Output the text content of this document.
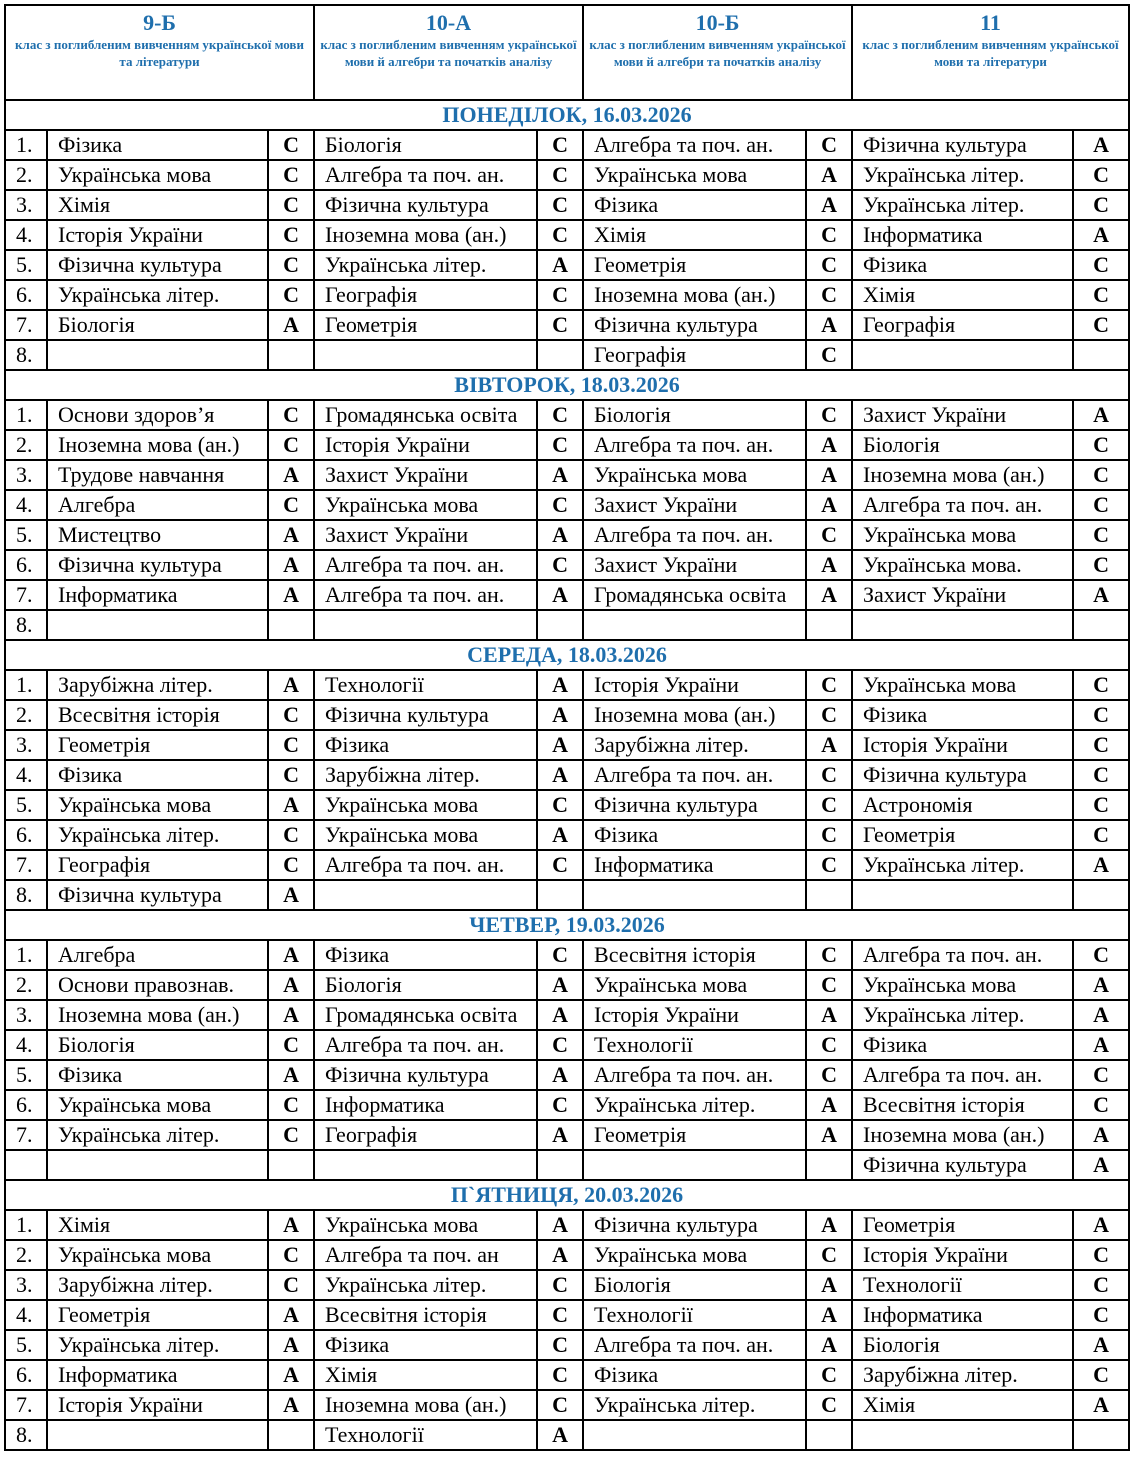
9-Б
клас з поглибленим вивченням української мови та літератури			10-А
клас з поглибленим вивченням української мови й алгебри та початків аналізу		10-Б
клас з поглибленим вивченням української мови й алгебри та початків аналізу		11
клас з поглибленим вивченням української мови та літератури	

ПОНЕДІЛОК, 16.03.2026								
1.	Фізика	С	Біологія	С	Алгебра та поч. ан.	С	Фізична культура	А
2.	Українська мова	С	Алгебра та поч. ан.	С	Українська мова	А	Українська літер.	С
3.	Хімія	С	Фізична культура	С	Фізика	А	Українська літер.	С
4.	Історія України	С	Іноземна мова (ан.)	С	Хімія	С	Інформатика	А
5.	Фізична культура	С	Українська літер.	А	Геометрія	С	Фізика	С
6.	Українська літер.	С	Географія	С	Іноземна мова (ан.)	С	Хімія	С
7.	Біологія	А	Геометрія	С	Фізична культура	А	Географія	С
8.					Географія	С		
ВІВТОРОК, 18.03.2026								
1.	Основи здоров’я	С	Громадянська освіта	С	Біологія	С	Захист України	А
2.	Іноземна мова (ан.)	С	Історія України	С	Алгебра та поч. ан.	А	Біологія	С
3.	Трудове навчання	А	Захист України	А	Українська мова	А	Іноземна мова (ан.)	С
4.	Алгебра	С	Українська мова	С	Захист України	А	Алгебра та поч. ан.	С
5.	Мистецтво	А	Захист України	А	Алгебра та поч. ан.	С	Українська мова	С
6.	Фізична культура	А	Алгебра та поч. ан.	С	Захист України	А	Українська мова.	С
7.	Інформатика	А	Алгебра та поч. ан.	А	Громадянська освіта	А	Захист України	А
8.								
СЕРЕДА, 18.03.2026								
1.	Зарубіжна літер.	А	Технології	А	Історія України	С	Українська мова	С
2.	Всесвітня історія	С	Фізична культура	А	Іноземна мова (ан.)	С	Фізика	С
3.	Геометрія	С	Фізика	А	Зарубіжна літер.	А	Історія України	С
4.	Фізика	С	Зарубіжна літер.	А	Алгебра та поч. ан.	С	Фізична культура	С
5.	Українська мова	А	Українська мова	С	Фізична культура	С	Астрономія	С
6.	Українська літер.	С	Українська мова	А	Фізика	С	Геометрія	С
7.	Географія	С	Алгебра та поч. ан.	С	Інформатика	С	Українська літер.	А
8.	Фізична культура	А						
ЧЕТВЕР, 19.03.2026								
1.	Алгебра	А	Фізика	С	Всесвітня історія	С	Алгебра та поч. ан.	С
2.	Основи правознав.	А	Біологія	А	Українська мова	С	Українська мова	А
3.	Іноземна мова (ан.)	А	Громадянська освіта	А	Історія України	А	Українська літер.	А
4.	Біологія	С	Алгебра та поч. ан.	С	Технології	С	Фізика	А
5.	Фізика	А	Фізична культура	А	Алгебра та поч. ан.	С	Алгебра та поч. ан.	С
6.	Українська мова	С	Інформатика	С	Українська літер.	А	Всесвітня історія	С
7.	Українська літер.	С	Географія	А	Геометрія	А	Іноземна мова (ан.)	А
							Фізична культура	А
П`ЯТНИЦЯ, 20.03.2026								
1.	Хімія	А	Українська мова	А	Фізична культура	А	Геометрія	А
2.	Українська мова	С	Алгебра та поч. ан	А	Українська мова	С	Історія України	С
3.	Зарубіжна літер.	С	Українська літер.	С	Біологія	А	Технології	С
4.	Геометрія	А	Всесвітня історія	С	Технології	А	Інформатика	С
5.	Українська літер.	А	Фізика	С	Алгебра та поч. ан.	А	Біологія	А
6.	Інформатика	А	Хімія	С	Фізика	С	Зарубіжна літер.	С
7.	Історія України	А	Іноземна мова (ан.)	С	Українська літер.	С	Хімія	А
8.			Технології	А				
